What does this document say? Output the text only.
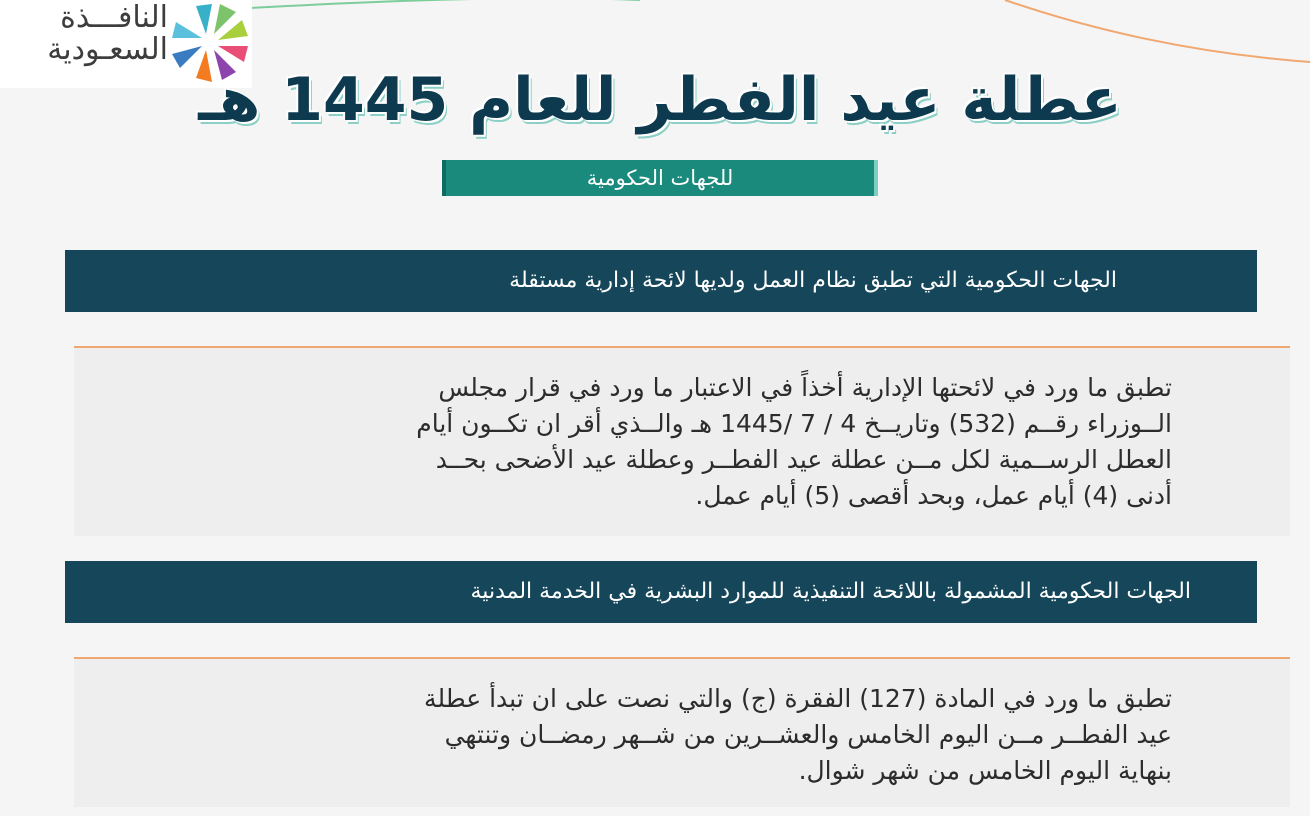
النافـــذة
السعـودية
عطلة عيد الفطر للعام 1445 هـ
للجهات الحكومية
الجهات الحكومية التي تطبق نظام العمل ولديها لائحة إدارية مستقلة
تطبق ما ورد في لائحتها الإدارية أخذاً في الاعتبار ما ورد في قرار مجلس الــوزراء رقــم (532) وتاريــخ 4 / 7 /1445 هـ والــذي أقر ان تكــون أيام العطل الرســمية لكل مــن عطلة عيد الفطــر وعطلة عيد الأضحى بحــد أدنى (4) أيام عمل، وبحد أقصى (5) أيام عمل.
الجهات الحكومية المشمولة باللائحة التنفيذية للموارد البشرية في الخدمة المدنية
تطبق ما ورد في المادة (127) الفقرة (ج) والتي نصت على ان تبدأ عطلة عيد الفطــر مــن اليوم الخامس والعشــرين من شــهر رمضــان وتنتهي بنهاية اليوم الخامس من شهر شوال.
